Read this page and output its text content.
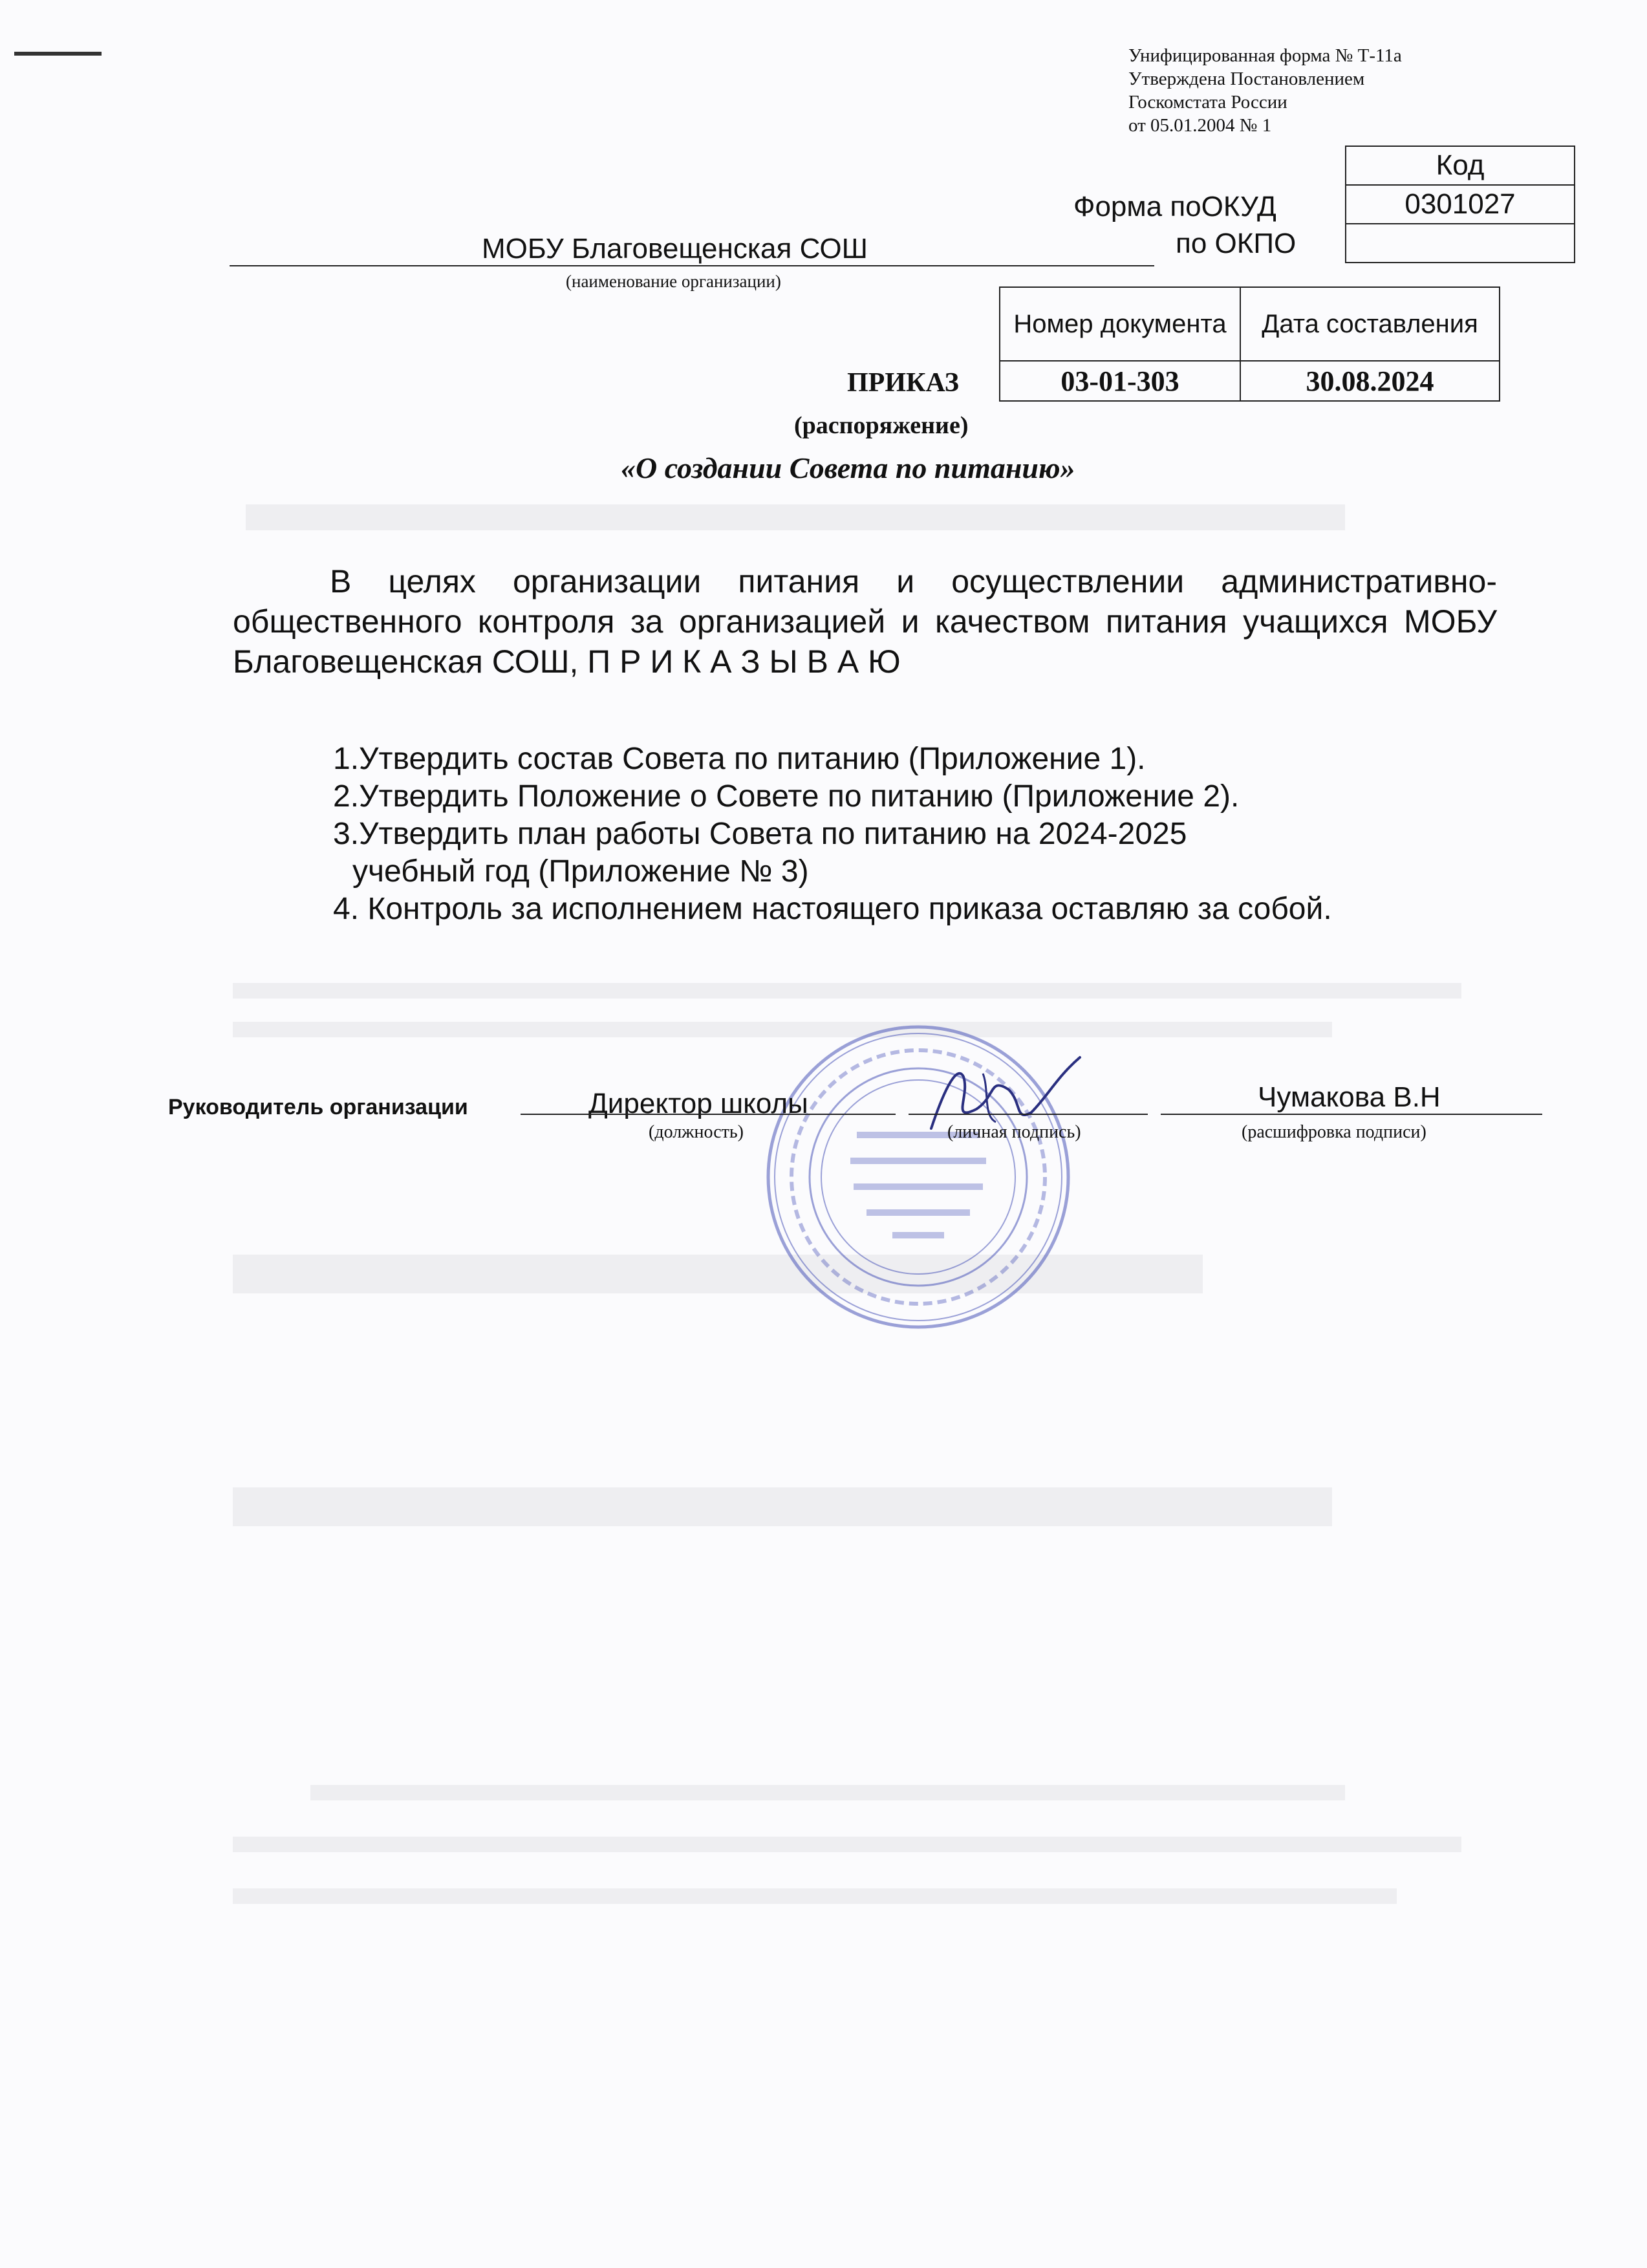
Унифицированная форма № Т-11а
Утверждена Постановлением
Госкомстата России
от 05.01.2004 № 1
Код
0301027

Форма поОКУД
по ОКПО
МОБУ Благовещенская СОШ
(наименование организации)
Номер документа	Дата составления
03-01-303	30.08.2024
ПРИКАЗ
(распоряжение)
«О создании Совета по питанию»
В целях организации питания и осуществлении административно-общественного контроля за организацией и качеством питания учащихся МОБУ Благовещенская СОШ, П Р И К А З Ы В А Ю
1.Утвердить состав Совета по питанию (Приложение 1).
2.Утвердить Положение о Совете по питанию (Приложение 2).
3.Утвердить план работы Совета по питанию на 2024-2025
учебный год (Приложение № 3)
4. Контроль за исполнением настоящего приказа оставляю за собой.
Руководитель организации	Директор школы	Чумакова В.Н
(должность)	(личная подпись)	(расшифровка подписи)
